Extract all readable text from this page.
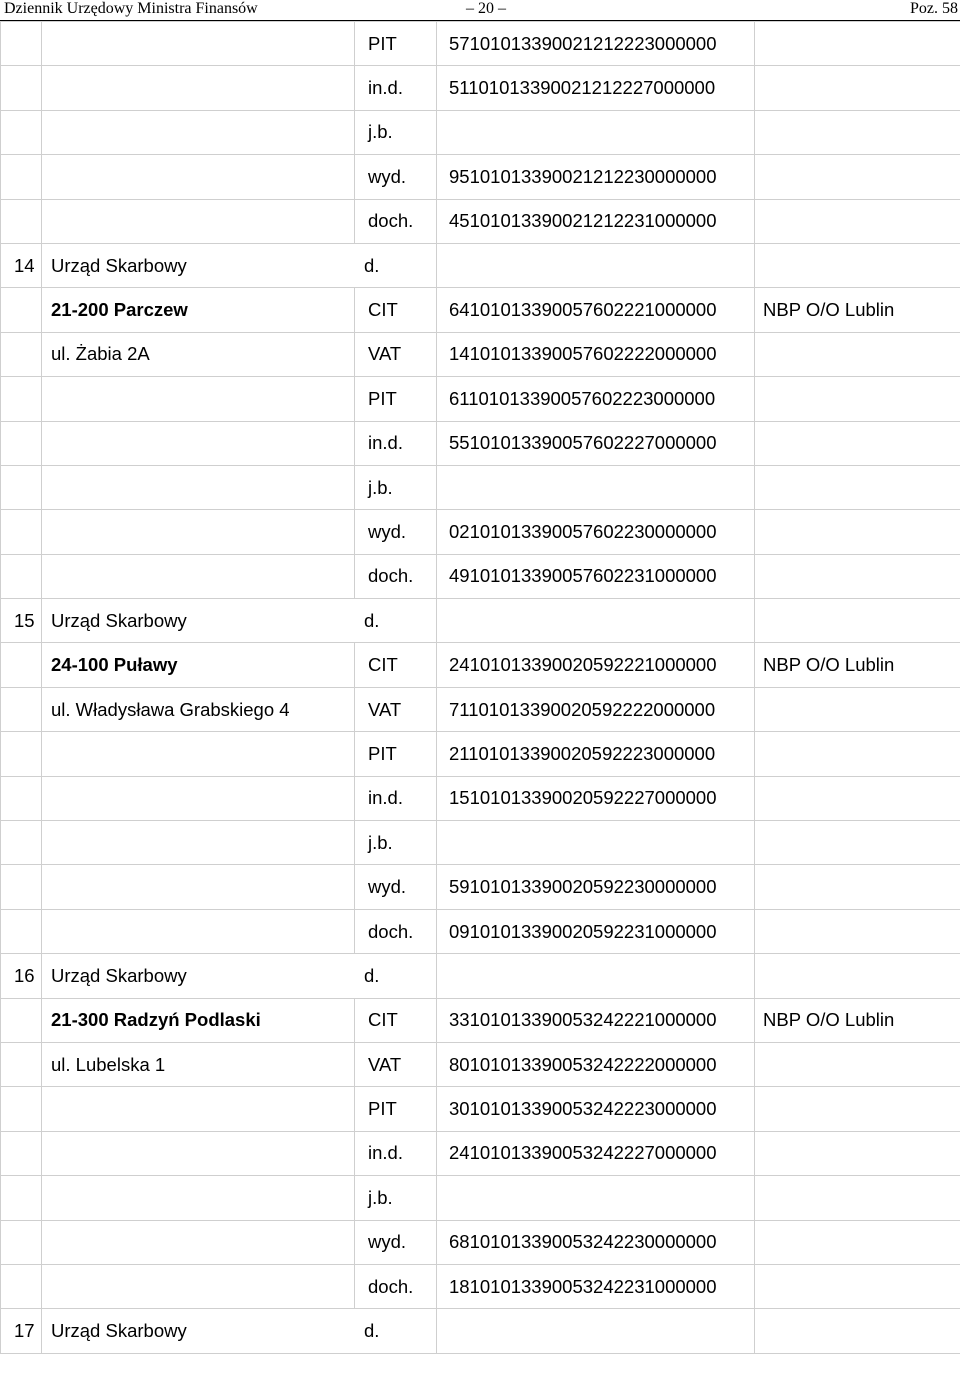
Dziennik Urzędowy Ministra Finansów	– 20 –	Poz. 58
		PIT	57101013390021212223000000	
		in.d.	51101013390021212227000000	
		j.b.		
		wyd.	95101013390021212230000000	
		doch.	45101013390021212231000000	
14	Urząd Skarbowy d.			

	21-200 Parczew	CIT	64101013390057602221000000	NBP O/O Lublin
	ul. Żabia 2A	VAT	14101013390057602222000000	
		PIT	61101013390057602223000000	
		in.d.	55101013390057602227000000	
		j.b.		
		wyd.	02101013390057602230000000	
		doch.	49101013390057602231000000	
15	Urząd Skarbowy d.			

	24-100 Puławy	CIT	24101013390020592221000000	NBP O/O Lublin
	ul. Władysława Grabskiego 4	VAT	71101013390020592222000000	
		PIT	21101013390020592223000000	
		in.d.	15101013390020592227000000	
		j.b.		
		wyd.	59101013390020592230000000	
		doch.	09101013390020592231000000	
16	Urząd Skarbowy d.			

	21-300 Radzyń Podlaski	CIT	33101013390053242221000000	NBP O/O Lublin
	ul. Lubelska 1	VAT	80101013390053242222000000	
		PIT	30101013390053242223000000	
		in.d.	24101013390053242227000000	
		j.b.		
		wyd.	68101013390053242230000000	
		doch.	18101013390053242231000000	
17	Urząd Skarbowy d.			
